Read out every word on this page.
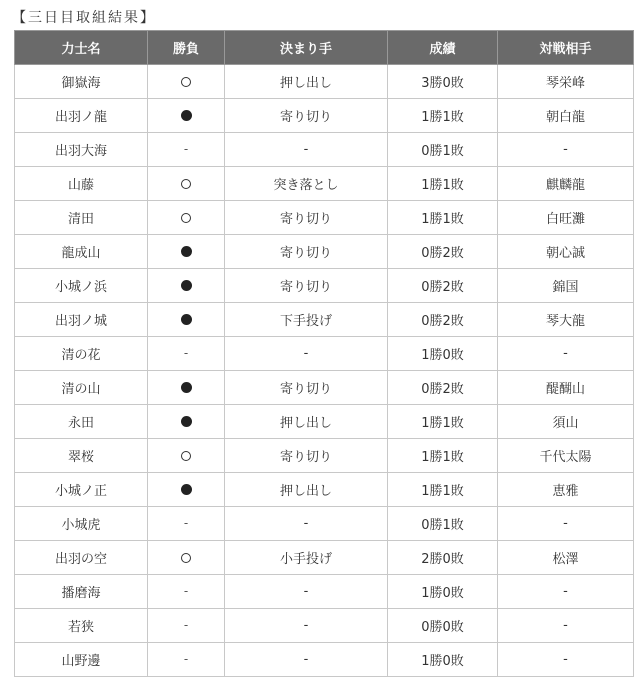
【三日目取組結果】
力士名	勝負	決まり手	成績	対戦相手
御嶽海		押し出し	3勝0敗	琴栄峰
出羽ノ龍		寄り切り	1勝1敗	朝白龍
出羽大海	-	-	0勝1敗	-
山藤		突き落とし	1勝1敗	麒麟龍
清田		寄り切り	1勝1敗	白旺灘
龍成山		寄り切り	0勝2敗	朝心誠
小城ノ浜		寄り切り	0勝2敗	錦国
出羽ノ城		下手投げ	0勝2敗	琴大龍
清の花	-	-	1勝0敗	-
清の山		寄り切り	0勝2敗	醍醐山
永田		押し出し	1勝1敗	須山
翠桜		寄り切り	1勝1敗	千代太陽
小城ノ正		押し出し	1勝1敗	恵雅
小城虎	-	-	0勝1敗	-
出羽の空		小手投げ	2勝0敗	松澤
播磨海	-	-	1勝0敗	-
若狭	-	-	0勝0敗	-
山野邊	-	-	1勝0敗	-
